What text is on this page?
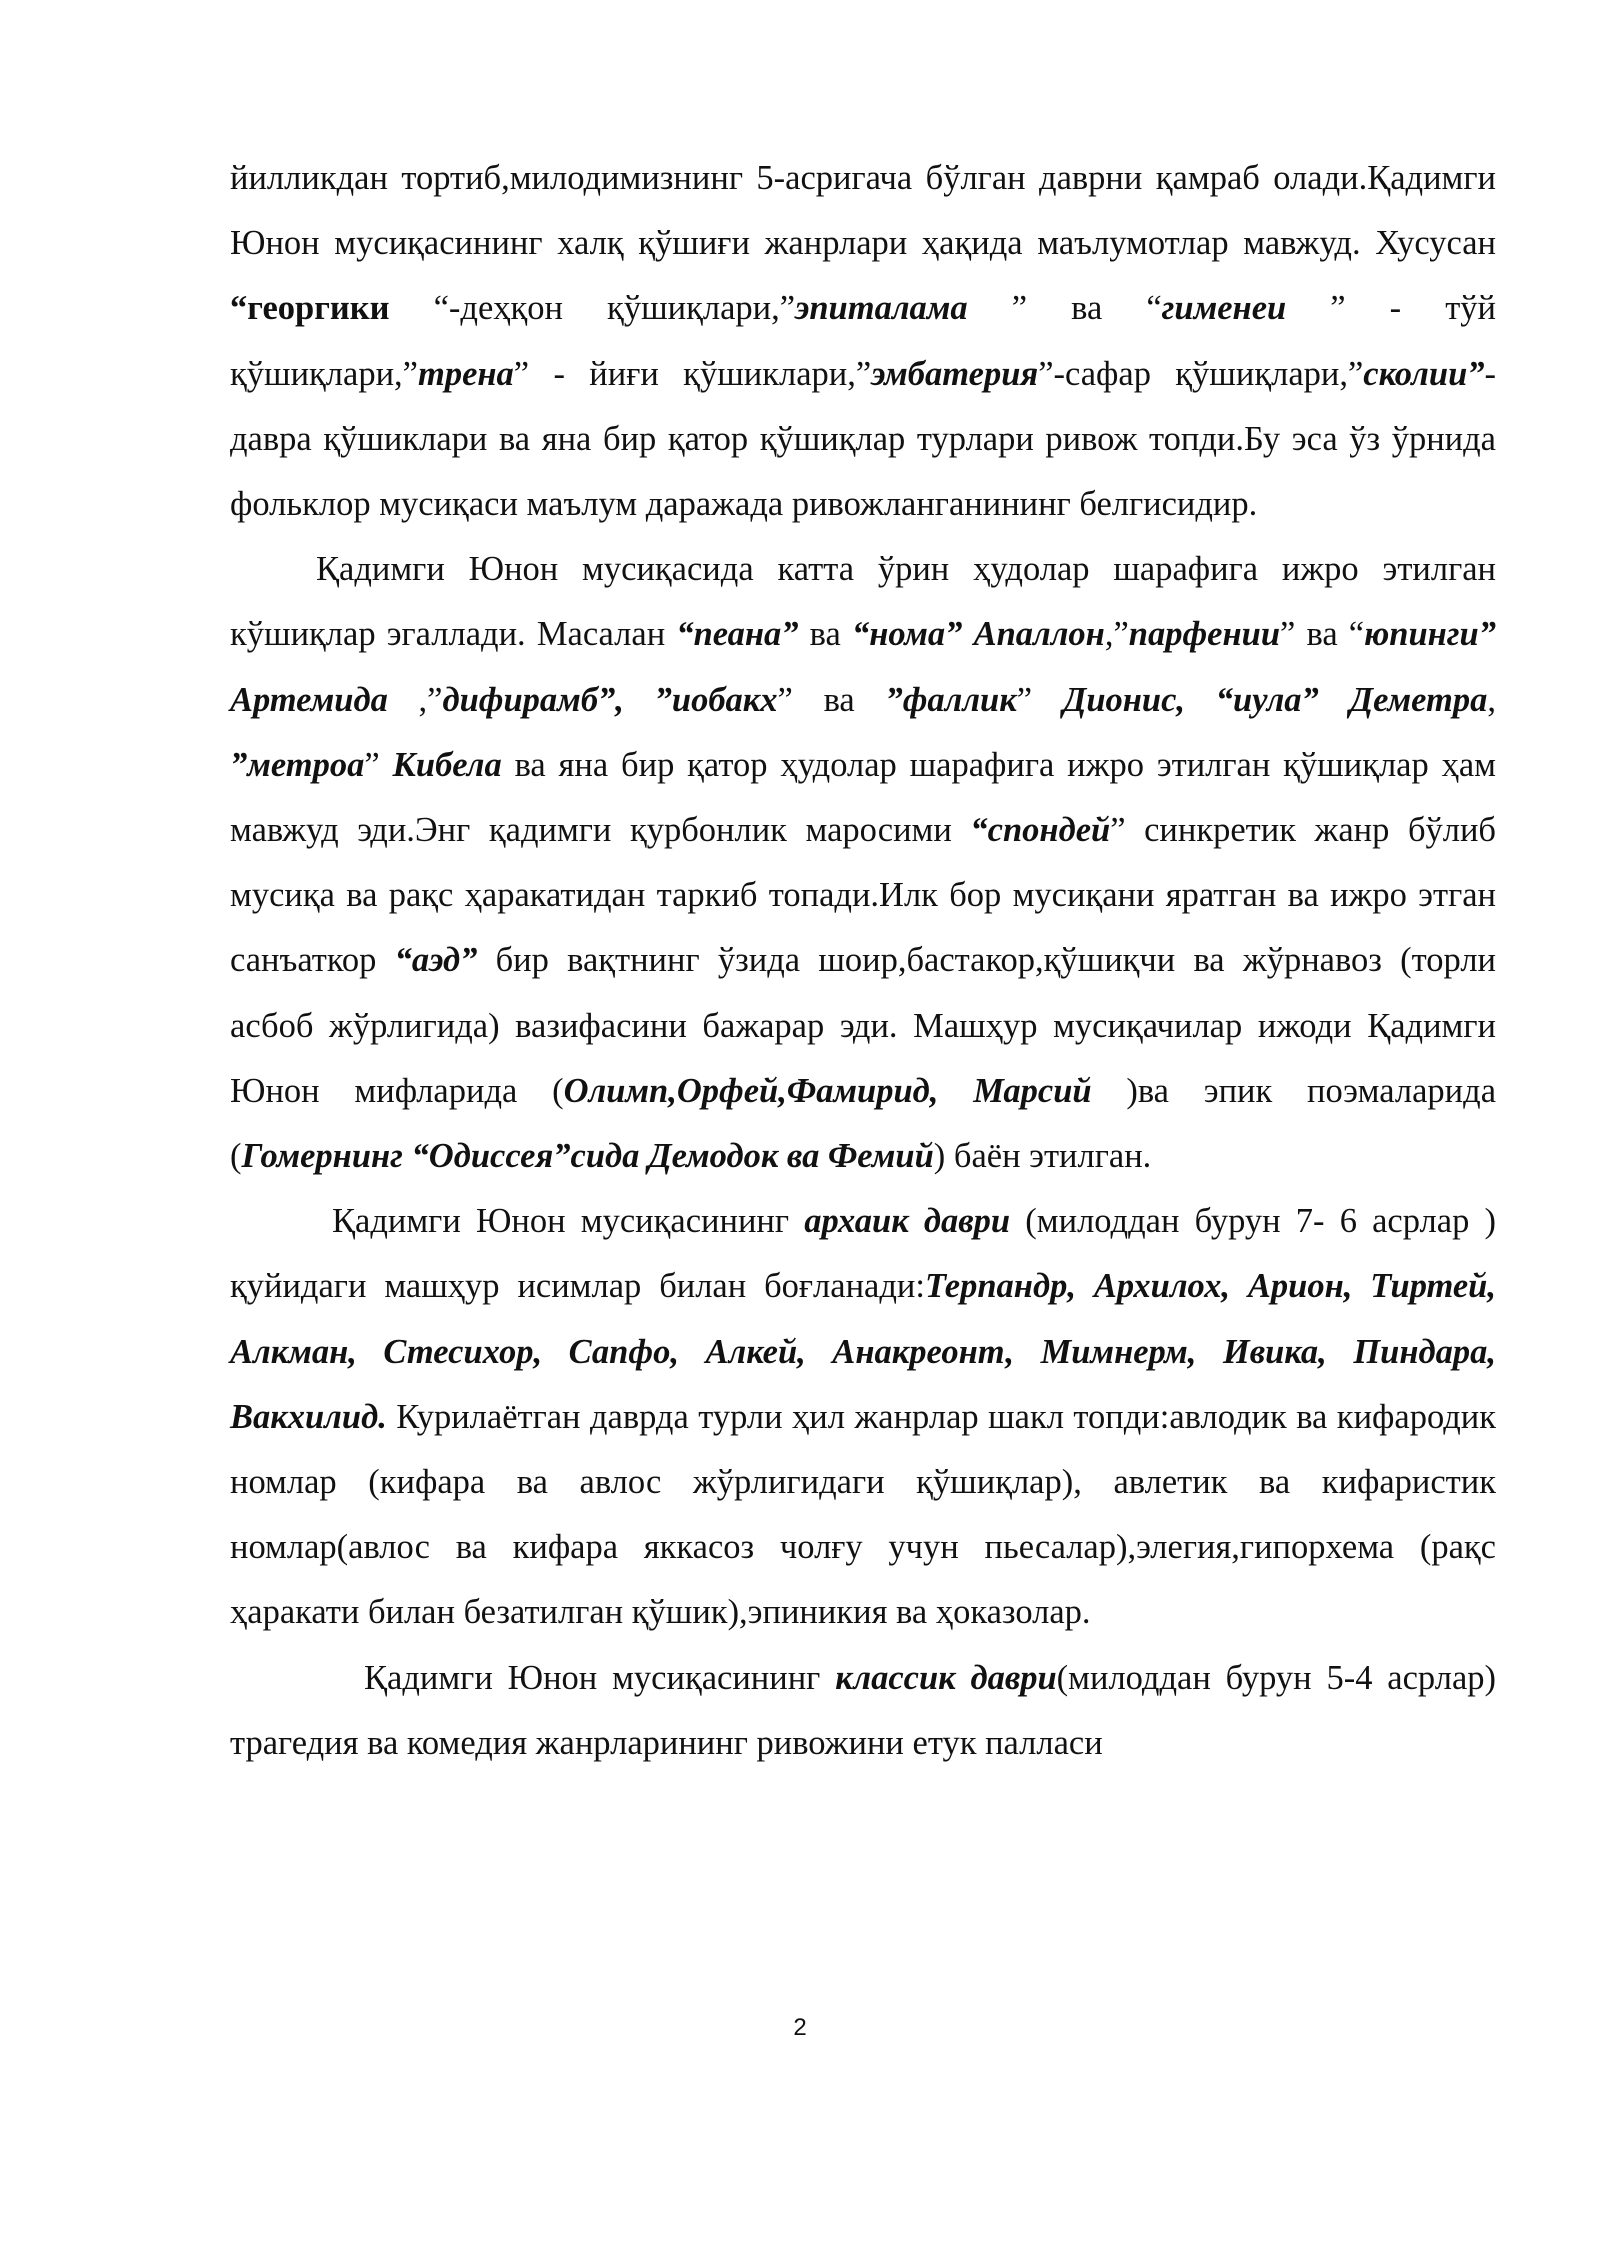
йилликдан тортиб,милодимизнинг 5-асригача бўлган даврни қамраб олади.Қадимги Юнон мусиқасининг халқ қўшиғи жанрлари ҳақида маълумотлар мавжуд. Хусусан “георгики “-деҳқон қўшиқлари,”эпиталама ” ва “гименеи ” - тўй қўшиқлари,”трена” - йиғи қўшиклари,”эмбатерия”-сафар қўшиқлари,”сколии”-давра қўшиклари ва яна бир қатор қўшиқлар турлари ривож топди.Бу эса ўз ўрнида фольклор мусиқаси маълум даражада ривожланганининг белгисидир.

Қадимги Юнон мусиқасида катта ўрин ҳудолар шарафига ижро этилган кўшиқлар эгаллади. Масалан “пеана” ва “нома” Апаллон,”парфении” ва “юпинги” Артемида ,”дифирамб”, ”иобакх” ва ”фаллик” Дионис, “иула” Деметра, ”метроа” Кибела ва яна бир қатор ҳудолар шарафига ижро этилган қўшиқлар ҳам мавжуд эди.Энг қадимги қурбонлик маросими “спондей” синкретик жанр бўлиб мусиқа ва рақс ҳаракатидан таркиб топади.Илк бор мусиқани яратган ва ижро этган санъаткор “аэд” бир вақтнинг ўзида шоир,бастакор,қўшиқчи ва жўрнавоз (торли асбоб жўрлигида) вазифасини бажарар эди. Машҳур мусиқачилар ижоди Қадимги Юнон мифларида (Олимп,Орфей,Фамирид, Марсий )ва эпик поэмаларида (Гомернинг “Одиссея”сида Демодок ва Фемий) баён этилган.

Қадимги Юнон мусиқасининг архаик даври (милоддан бурун 7- 6 асрлар ) қуйидаги машҳур исимлар билан боғланади:Терпандр, Архилох, Арион, Тиртей, Алкман, Стесихор, Сапфо, Алкей, Анакреонт, Мимнерм, Ивика, Пиндара, Вакхилид. Курилаётган даврда турли ҳил жанрлар шакл топди:авлодик ва кифародик номлар (кифара ва авлос жўрлигидаги қўшиқлар), авлетик ва кифаристик номлар(авлос ва кифара яккасоз чолғу учун пьесалар),элегия,гипорхема (рақс ҳаракати билан безатилган қўшик),эпиникия ва ҳоказолар.

Қадимги Юнон мусиқасининг классик даври(милоддан бурун 5-4 асрлар) трагедия ва комедия жанрларининг ривожини етук палласи

2
